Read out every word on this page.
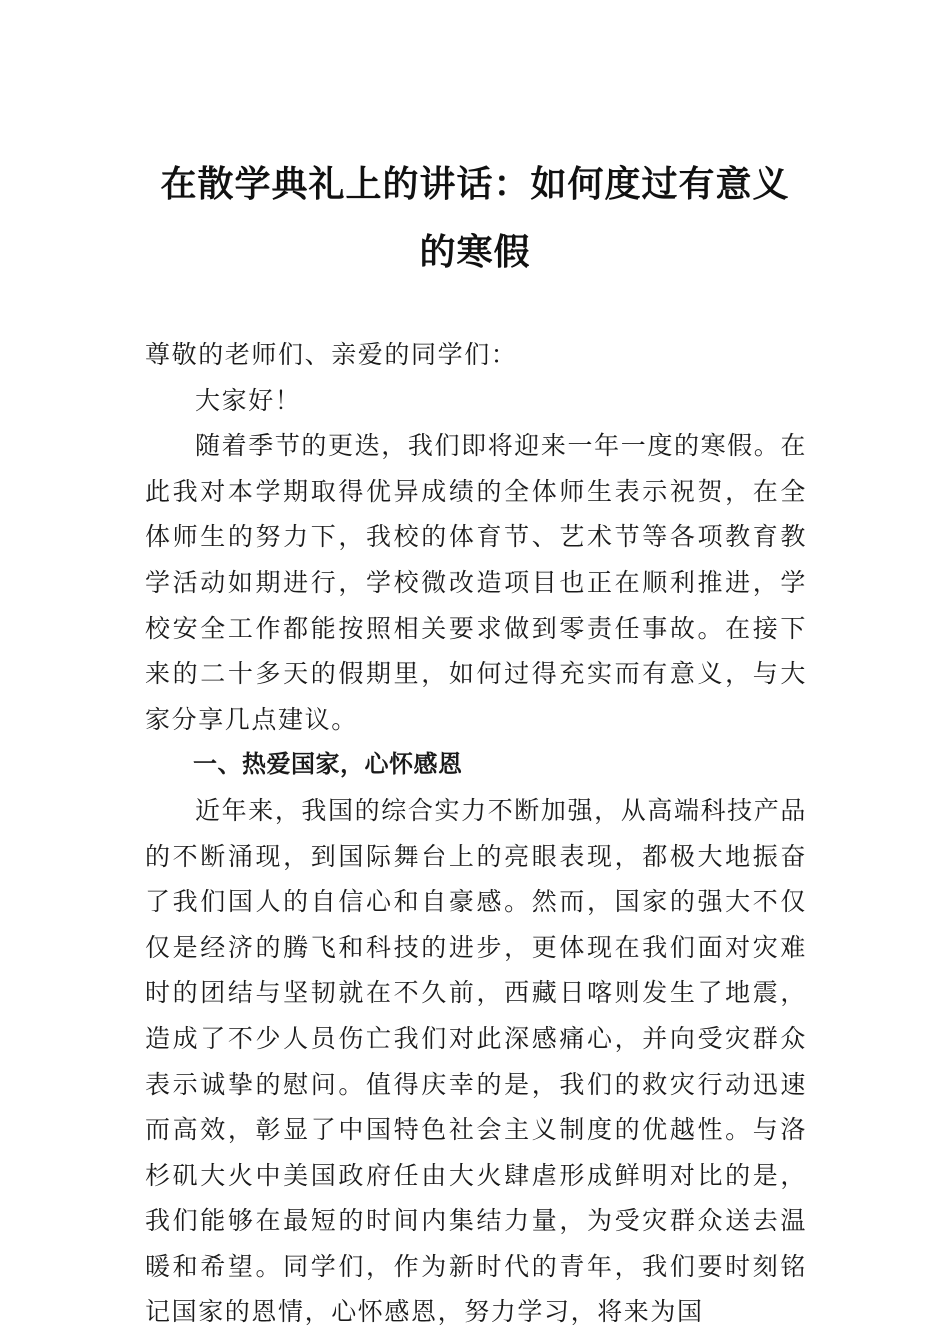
在散学典礼上的讲话：如何度过有意义的寒假

尊敬的老师们、亲爱的同学们：

大家好！

随着季节的更迭，我们即将迎来一年一度的寒假。在此我对本学期取得优异成绩的全体师生表示祝贺，在全体师生的努力下，我校的体育节、艺术节等各项教育教学活动如期进行，学校微改造项目也正在顺利推进，学校安全工作都能按照相关要求做到零责任事故。在接下来的二十多天的假期里，如何过得充实而有意义，与大家分享几点建议。

一、热爱国家，心怀感恩

近年来，我国的综合实力不断加强，从高端科技产品的不断涌现，到国际舞台上的亮眼表现，都极大地振奋了我们国人的自信心和自豪感。然而，国家的强大不仅仅是经济的腾飞和科技的进步，更体现在我们面对灾难时的团结与坚韧就在不久前，西藏日喀则发生了地震，造成了不少人员伤亡我们对此深感痛心，并向受灾群众表示诚挚的慰问。值得庆幸的是，我们的救灾行动迅速而高效，彰显了中国特色社会主义制度的优越性。与洛杉矶大火中美国政府任由大火肆虐形成鲜明对比的是，我们能够在最短的时间内集结力量，为受灾群众送去温暖和希望。同学们，作为新时代的青年，我们要时刻铭记国家的恩情，心怀感恩，努力学习，将来为国
